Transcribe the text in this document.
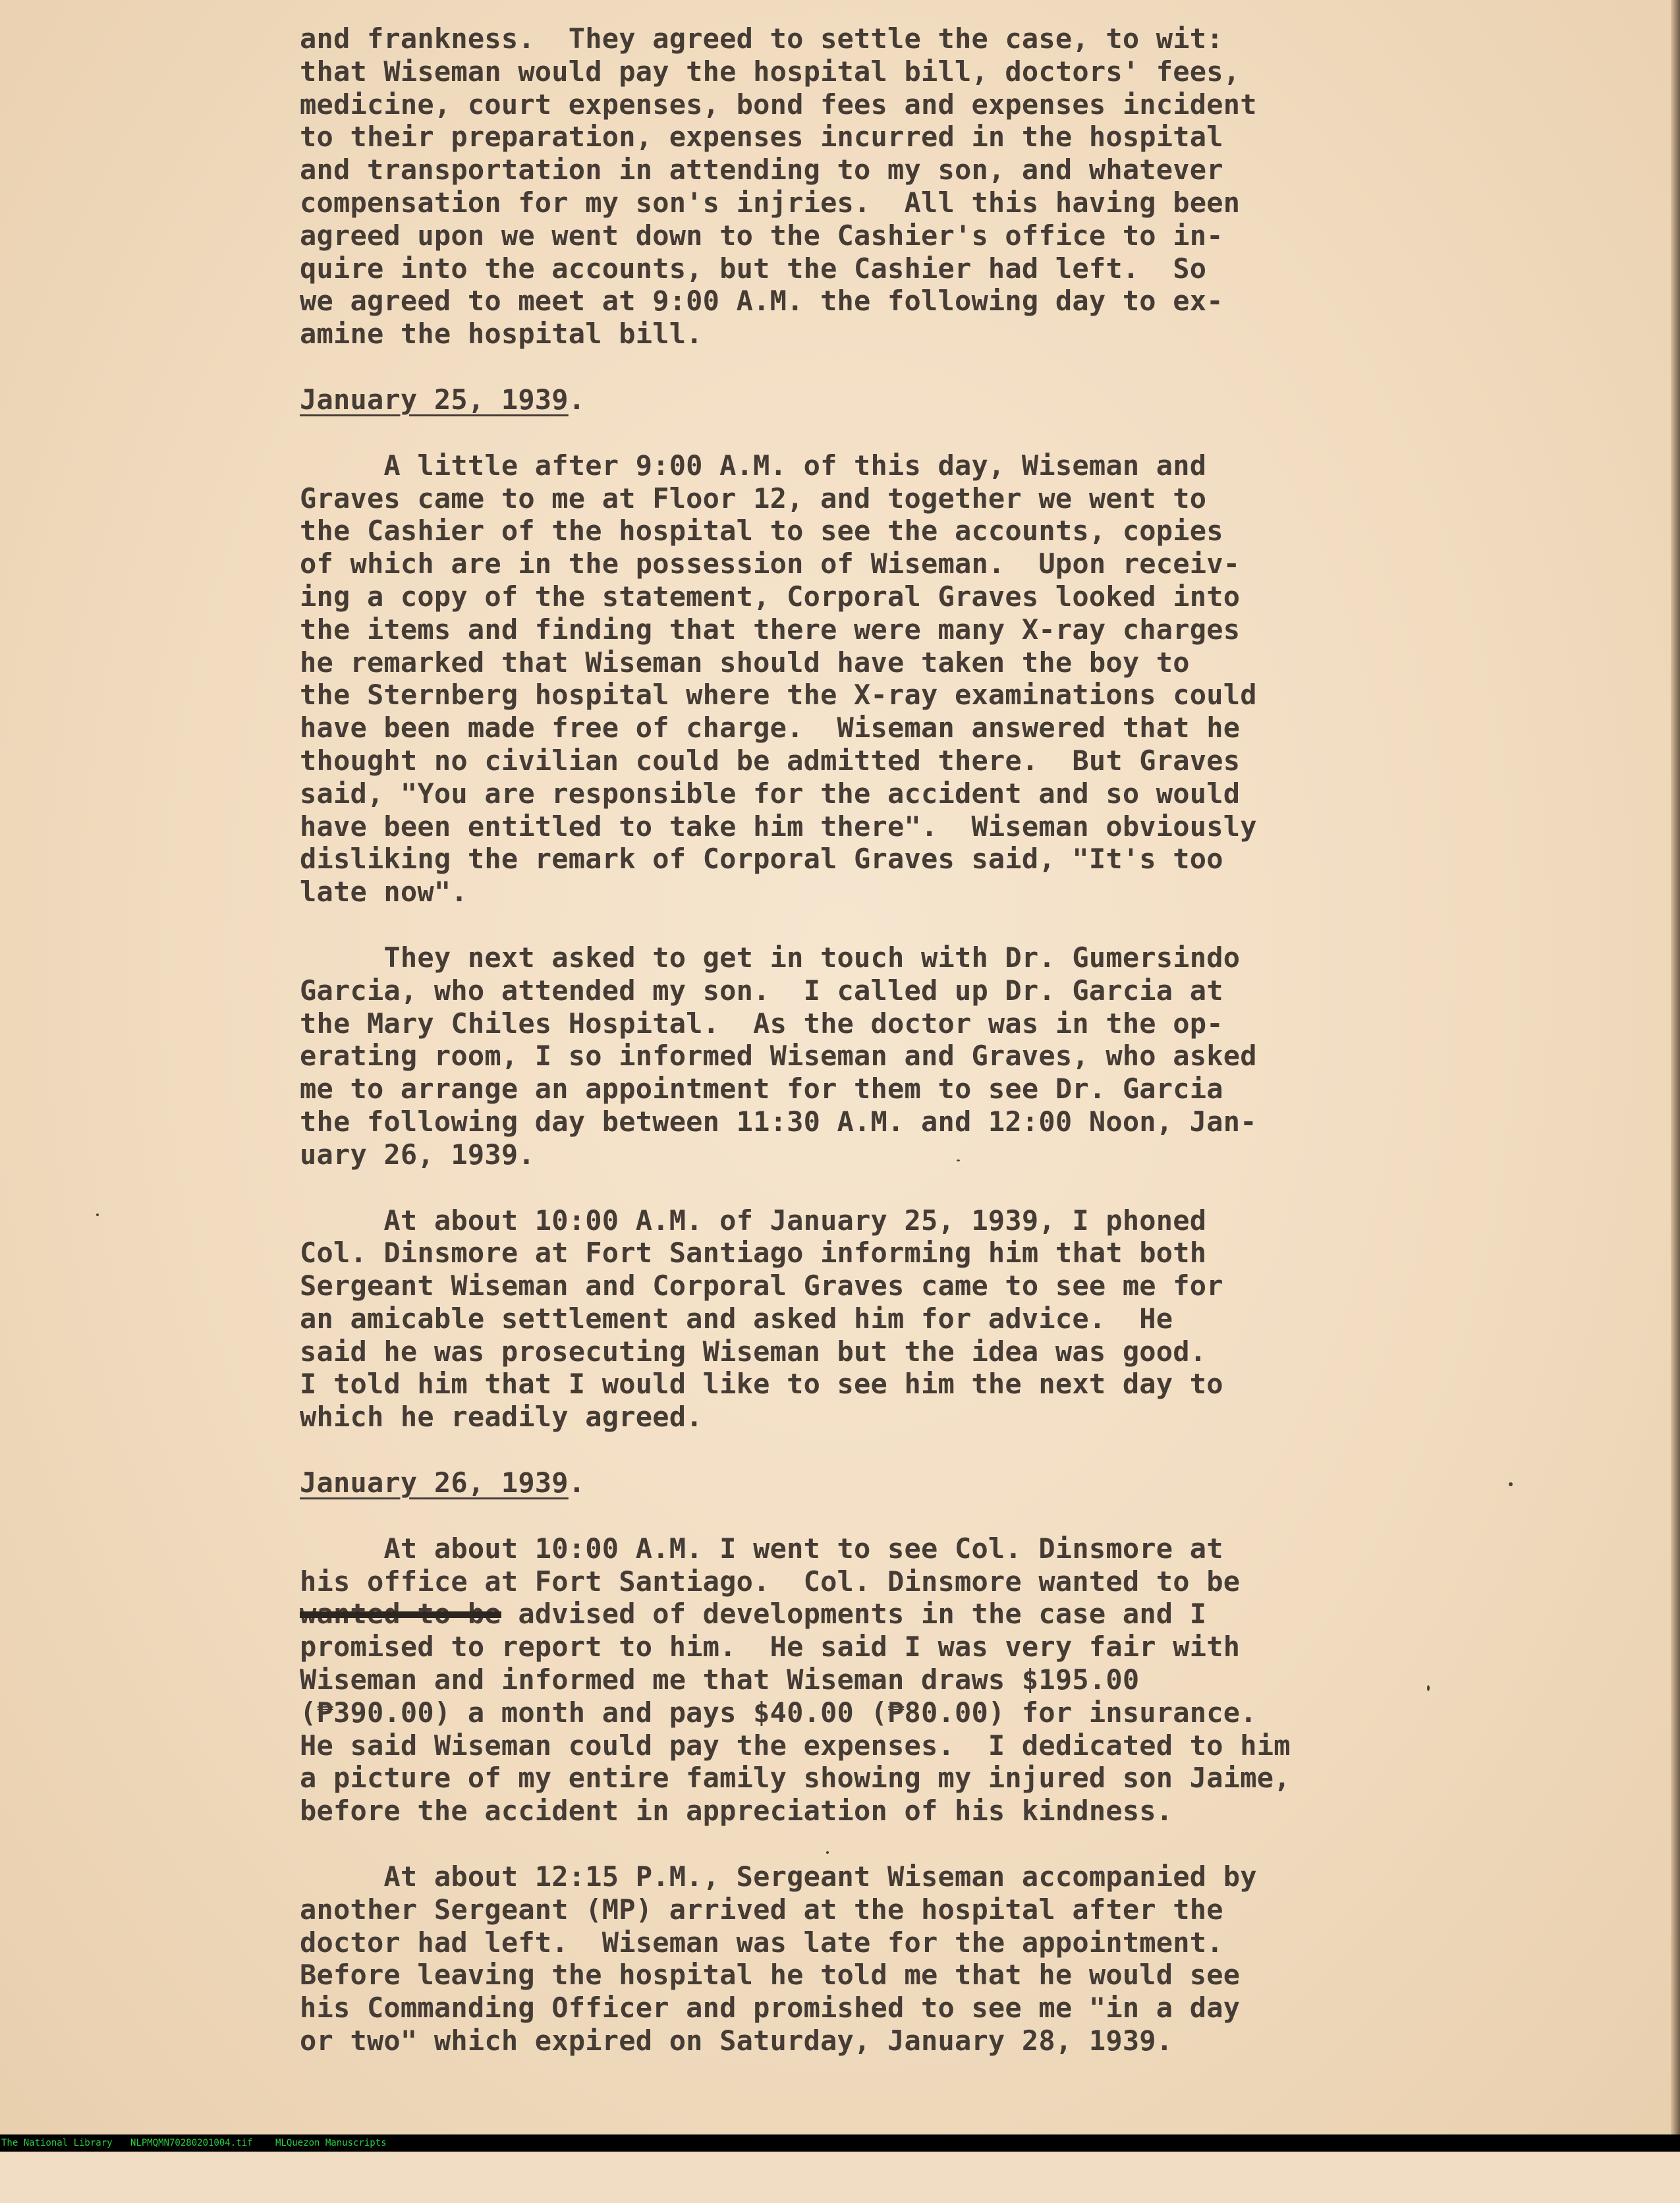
and frankness.  They agreed to settle the case, to wit:
that Wiseman would pay the hospital bill, doctors' fees,
medicine, court expenses, bond fees and expenses incident
to their preparation, expenses incurred in the hospital
and transportation in attending to my son, and whatever
compensation for my son's injries.  All this having been
agreed upon we went down to the Cashier's office to in-
quire into the accounts, but the Cashier had left.  So
we agreed to meet at 9:00 A.M. the following day to ex-
amine the hospital bill.
January 25, 1939.
A little after 9:00 A.M. of this day, Wiseman and
Graves came to me at Floor 12, and together we went to
the Cashier of the hospital to see the accounts, copies
of which are in the possession of Wiseman.  Upon receiv-
ing a copy of the statement, Corporal Graves looked into
the items and finding that there were many X-ray charges
he remarked that Wiseman should have taken the boy to
the Sternberg hospital where the X-ray examinations could
have been made free of charge.  Wiseman answered that he
thought no civilian could be admitted there.  But Graves
said, "You are responsible for the accident and so would
have been entitled to take him there".  Wiseman obviously
disliking the remark of Corporal Graves said, "It's too
late now".
They next asked to get in touch with Dr. Gumersindo
Garcia, who attended my son.  I called up Dr. Garcia at
the Mary Chiles Hospital.  As the doctor was in the op-
erating room, I so informed Wiseman and Graves, who asked
me to arrange an appointment for them to see Dr. Garcia
the following day between 11:30 A.M. and 12:00 Noon, Jan-
uary 26, 1939.
At about 10:00 A.M. of January 25, 1939, I phoned
Col. Dinsmore at Fort Santiago informing him that both
Sergeant Wiseman and Corporal Graves came to see me for
an amicable settlement and asked him for advice.  He
said he was prosecuting Wiseman but the idea was good.
I told him that I would like to see him the next day to
which he readily agreed.
January 26, 1939.
At about 10:00 A.M. I went to see Col. Dinsmore at
his office at Fort Santiago.  Col. Dinsmore wanted to be
wanted to be advised of developments in the case and I
promised to report to him.  He said I was very fair with
Wiseman and informed me that Wiseman draws $195.00
(₱390.00) a month and pays $40.00 (₱80.00) for insurance.
He said Wiseman could pay the expenses.  I dedicated to him
a picture of my entire family showing my injured son Jaime,
before the accident in appreciation of his kindness.
At about 12:15 P.M., Sergeant Wiseman accompanied by
another Sergeant (MP) arrived at the hospital after the
doctor had left.  Wiseman was late for the appointment.
Before leaving the hospital he told me that he would see
his Commanding Officer and promished to see me "in a day
or two" which expired on Saturday, January 28, 1939.

The National Library

NLPMQMN70280201004.tif

MLQuezon Manuscripts
